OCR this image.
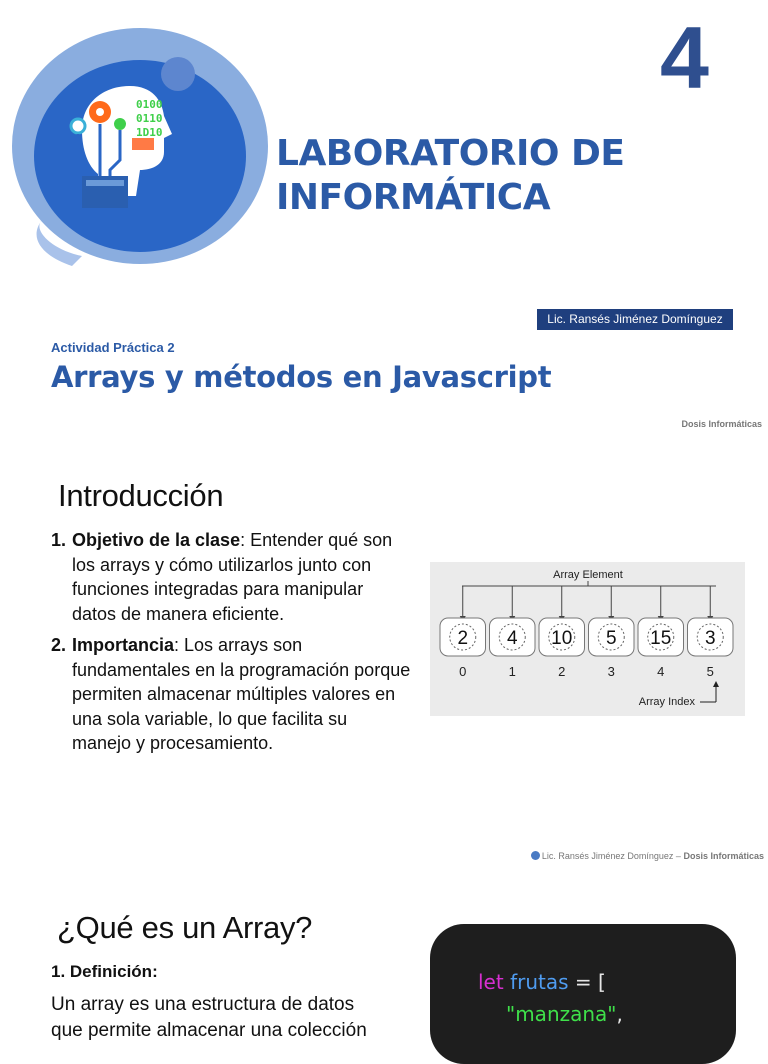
0100
0110
1D10
4
LABORATORIO DE
INFORMÁTICA
Lic. Ransés Jiménez Domínguez
Actividad Práctica 2
Arrays y métodos en Javascript
Dosis Informáticas
Introducción
1. Objetivo de la clase: Entender qué son los arrays y cómo utilizarlos junto con funciones integradas para manipular datos de manera eficiente.
2. Importancia: Los arrays son fundamentales en la programación porque permiten almacenar múltiples valores en una sola variable, lo que facilita su manejo y procesamiento.
Array Element
2
0
4
1
10
2
5
3
15
4
3
5
Array Index
Lic. Ransés Jiménez Domínguez – Dosis Informáticas
¿Qué es un Array?
1. Definición:
Un array es una estructura de datos que permite almacenar una colección
let frutas = [
"manzana",
